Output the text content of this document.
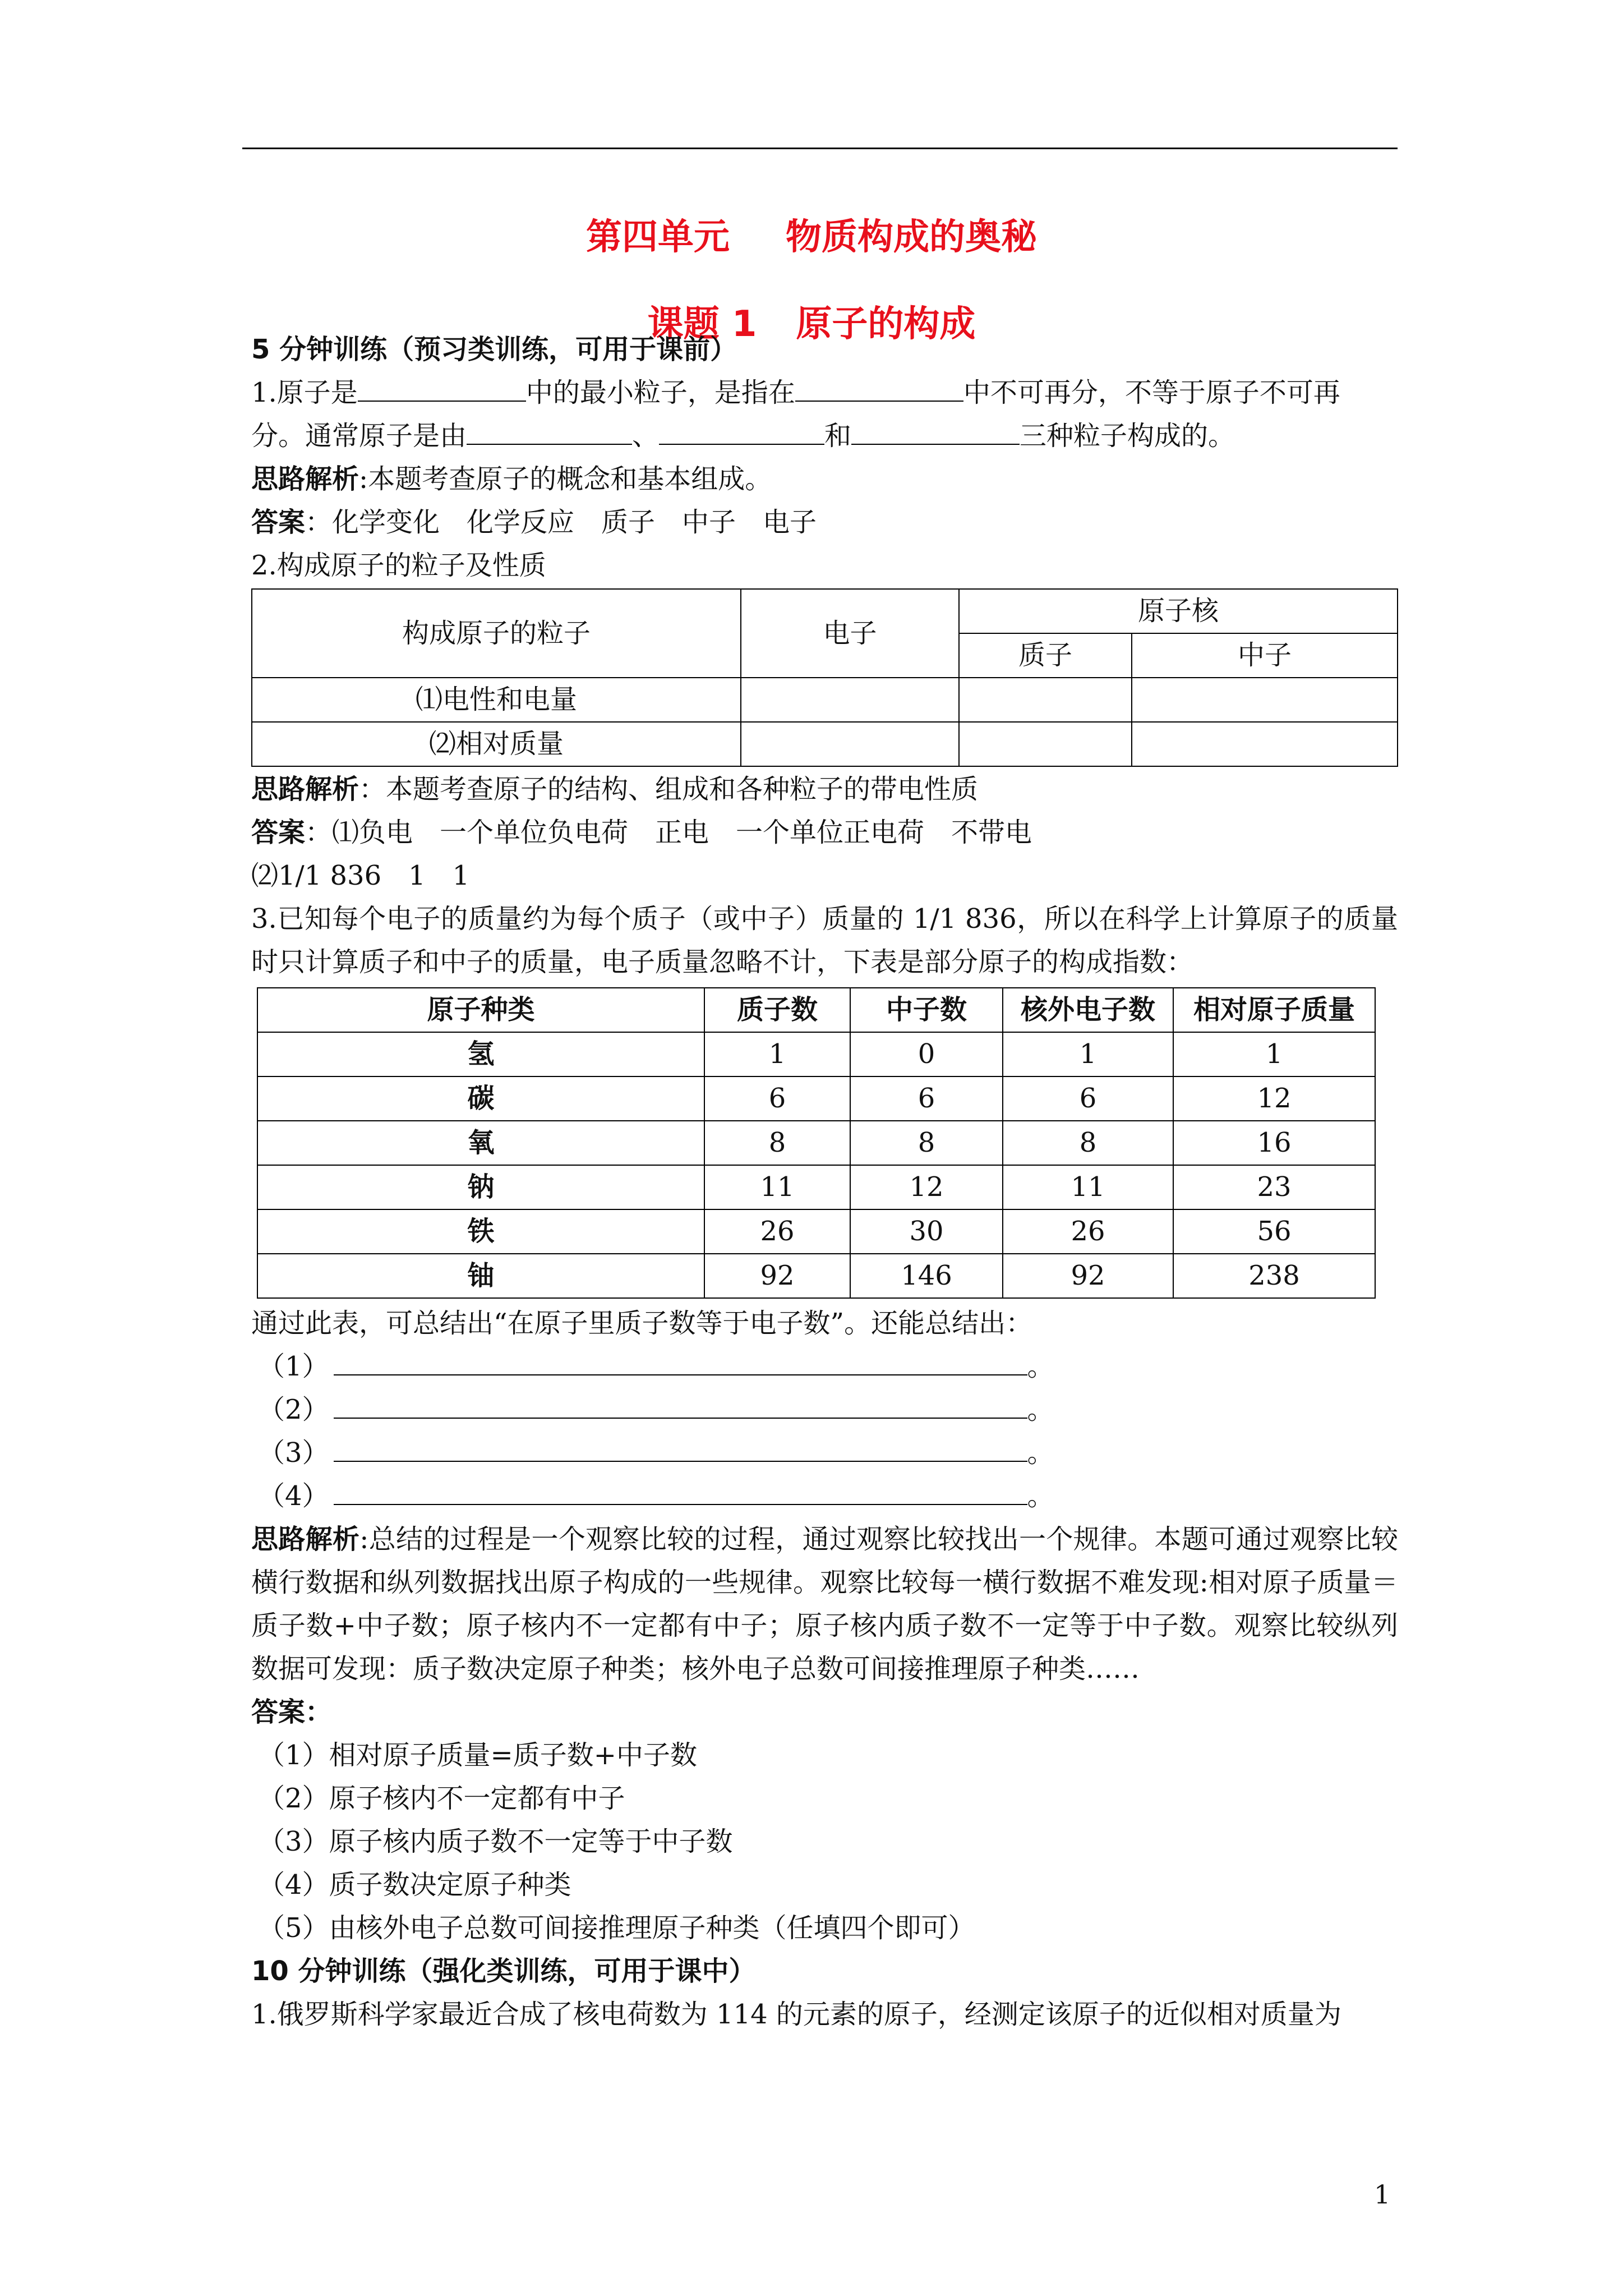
第四单元 物质构成的奥秘
课题 1 原子的构成
5 分钟训练（预习类训练，可用于课前）
1.原子是	中的最小粒子，是指在	中不可再分，不等于原子不可再
分。通常原子是由	、	和	三种粒子构成的。
思路解析:本题考查原子的概念和基本组成。
答案：化学变化　化学反应　质子　中子　电子
2.构成原子的粒子及性质
构成原子的粒子	电子	原子核	
		质子	中子
⑴电性和电量			
⑵相对质量			
思路解析：本题考查原子的结构、组成和各种粒子的带电性质
答案：⑴负电　一个单位负电荷　正电　一个单位正电荷　不带电
⑵1/1 836　1　1
3.已知每个电子的质量约为每个质子（或中子）质量的 1/1 836，所以在科学上计算原子的质量时只计算质子和中子的质量，电子质量忽略不计，下表是部分原子的构成指数：
原子种类	质子数	中子数	核外电子数	相对原子质量
氢	1	0	1	1
碳	6	6	6	12
氧	8	8	8	16
钠	11	12	11	23
铁	26	30	26	56
铀	92	146	92	238
通过此表，可总结出“在原子里质子数等于电子数”。还能总结出：
（1）	。
（2）	。
（3）	。
（4）	。
思路解析:总结的过程是一个观察比较的过程，通过观察比较找出一个规律。本题可通过观察比较横行数据和纵列数据找出原子构成的一些规律。观察比较每一横行数据不难发现:相对原子质量＝质子数+中子数；原子核内不一定都有中子；原子核内质子数不一定等于中子数。观察比较纵列数据可发现：质子数决定原子种类；核外电子总数可间接推理原子种类……
答案：
（1）相对原子质量=质子数+中子数
（2）原子核内不一定都有中子
（3）原子核内质子数不一定等于中子数
（4）质子数决定原子种类
（5）由核外电子总数可间接推理原子种类（任填四个即可）
10 分钟训练（强化类训练，可用于课中）
1.俄罗斯科学家最近合成了核电荷数为 114 的元素的原子，经测定该原子的近似相对质量为
1
